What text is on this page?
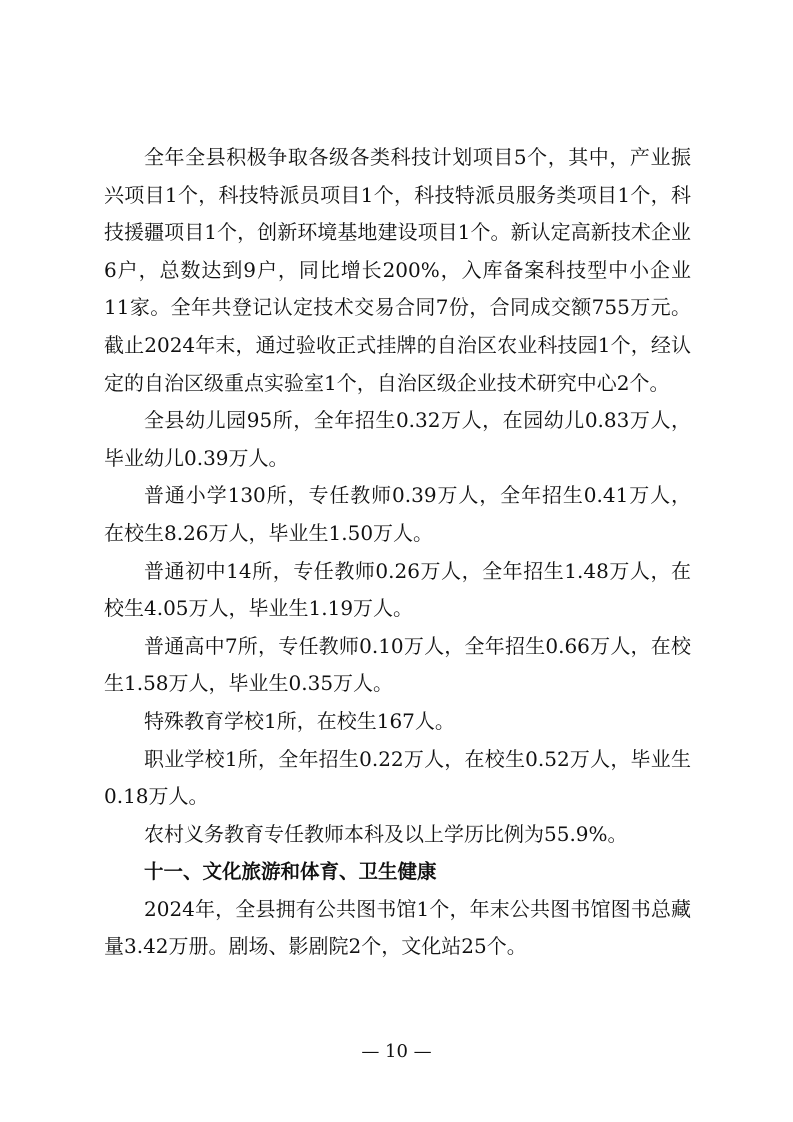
全年全县积极争取各级各类科技计划项目5个，其中，产业振兴项目1个，科技特派员项目1个，科技特派员服务类项目1个，科技援疆项目1个，创新环境基地建设项目1个。新认定高新技术企业6户，总数达到9户，同比增长200%，入库备案科技型中小企业11家。全年共登记认定技术交易合同7份，合同成交额755万元。截止2024年末，通过验收正式挂牌的自治区农业科技园1个，经认定的自治区级重点实验室1个，自治区级企业技术研究中心2个。

全县幼儿园95所，全年招生0.32万人，在园幼儿0.83万人，毕业幼儿0.39万人。

普通小学130所，专任教师0.39万人，全年招生0.41万人，在校生8.26万人，毕业生1.50万人。

普通初中14所，专任教师0.26万人，全年招生1.48万人，在校生4.05万人，毕业生1.19万人。

普通高中7所，专任教师0.10万人，全年招生0.66万人，在校生1.58万人，毕业生0.35万人。

特殊教育学校1所，在校生167人。

职业学校1所，全年招生0.22万人，在校生0.52万人，毕业生0.18万人。

农村义务教育专任教师本科及以上学历比例为55.9%。

十一、文化旅游和体育、卫生健康

2024年，全县拥有公共图书馆1个，年末公共图书馆图书总藏量3.42万册。剧场、影剧院2个，文化站25个。

— 10 —
